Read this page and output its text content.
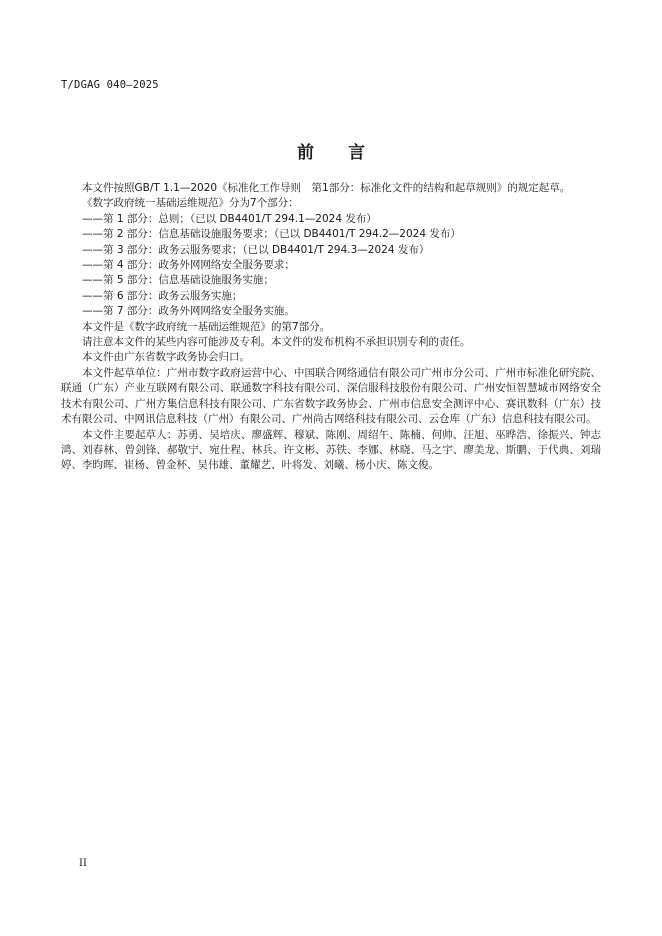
T/DGAG 040—2025
前 言

本文件按照GB/T 1.1—2020《标准化工作导则　第1部分：标准化文件的结构和起草规则》的规定起草。

《数字政府统一基础运维规范》分为7个部分：

——第 1 部分：总则；（已以 DB4401/T 294.1—2024 发布）

——第 2 部分：信息基础设施服务要求；（已以 DB4401/T 294.2—2024 发布）

——第 3 部分：政务云服务要求；（已以 DB4401/T 294.3—2024 发布）

——第 4 部分：政务外网网络安全服务要求；

——第 5 部分：信息基础设施服务实施；

——第 6 部分：政务云服务实施；

——第 7 部分：政务外网网络安全服务实施。

本文件是《数字政府统一基础运维规范》的第7部分。

请注意本文件的某些内容可能涉及专利。本文件的发布机构不承担识别专利的责任。

本文件由广东省数字政务协会归口。

本文件起草单位：广州市数字政府运营中心、中国联合网络通信有限公司广州市分公司、广州市标准化研究院、联通（广东）产业互联网有限公司、联通数字科技有限公司、深信服科技股份有限公司、广州安恒智慧城市网络安全技术有限公司、广州方集信息科技有限公司、广东省数字政务协会、广州市信息安全测评中心、赛讯数科（广东）技术有限公司、中网讯信息科技（广州）有限公司、广州尚古网络科技有限公司、云仓库（广东）信息科技有限公司。

本文件主要起草人：苏勇、吴培庆、廖盛辉、穆斌、陈刚、周绍午、陈楠、何帅、汪旭、巫晔浩、徐振兴、钟志鸿、刘春林、曾剑锋、郝敬宁、宛仕程、林兵、许文彬、苏铁、李娜、林晓、马之宇、廖美龙、斯鹏、于代典、刘瑞婷、李昀晖、崔杨、曾金杯、吴伟雄、董耀艺、叶将发、刘曦、杨小庆、陈文俊。

II
